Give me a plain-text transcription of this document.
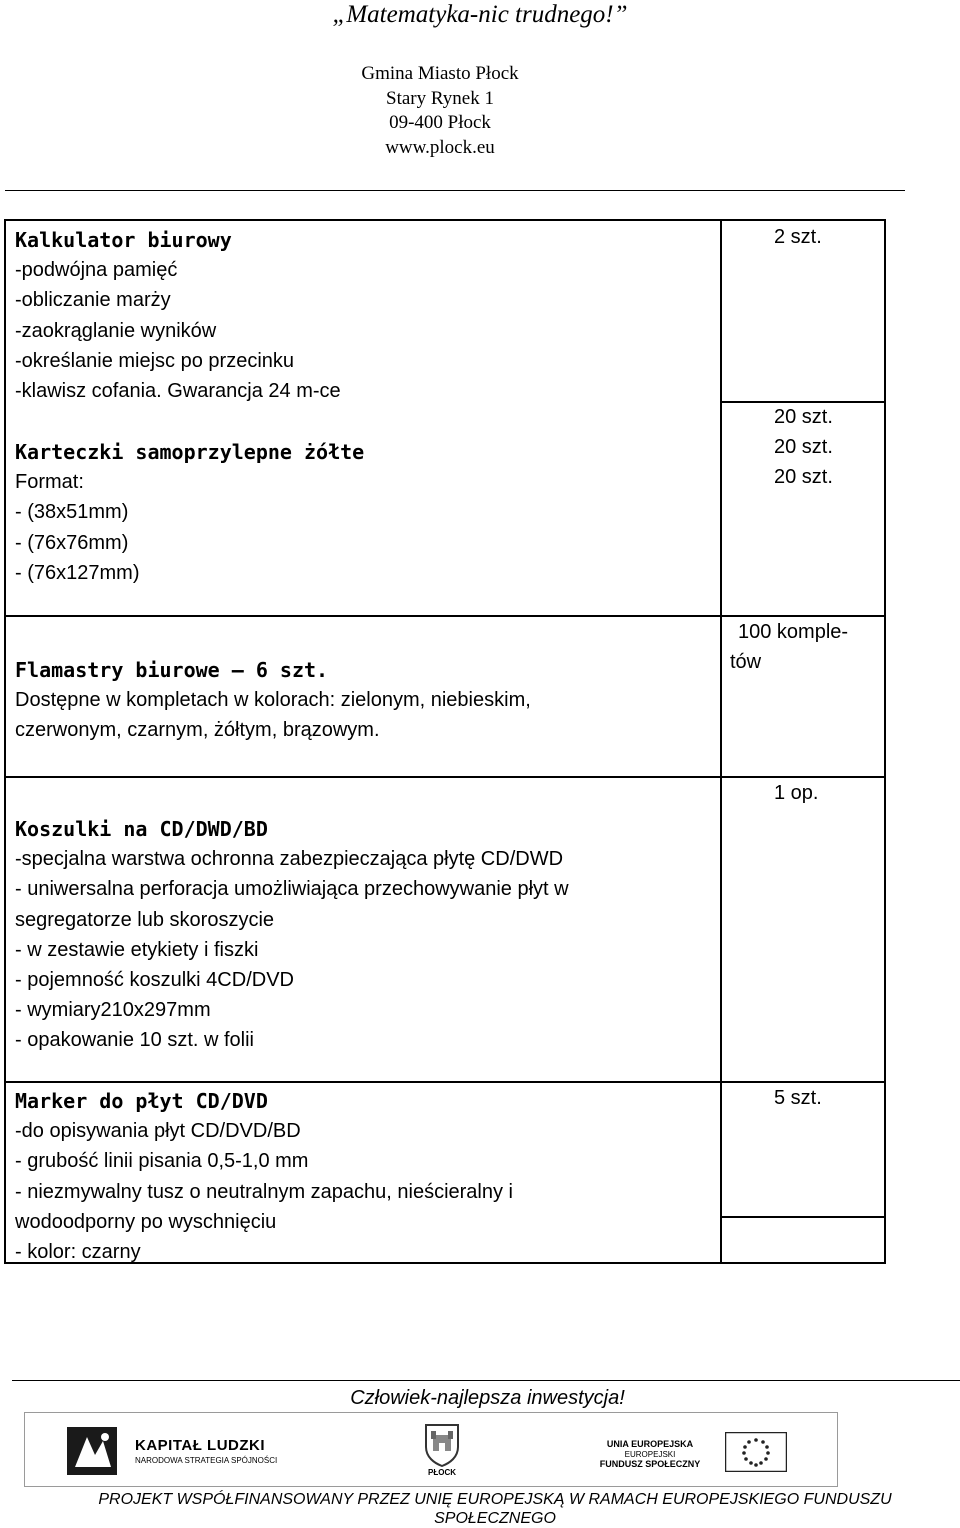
„Matematyka-nic trudnego!”
Gmina Miasto Płock
Stary Rynek 1
09-400 Płock
www.plock.eu
Kalkulator biurowy
-podwójna pamięć
-obliczanie marży
-zaokrąglanie wyników
-określanie miejsc po przecinku
-klawisz cofania. Gwarancja 24 m-ce
Karteczki samoprzylepne żółte
Format:
- (38x51mm)
- (76x76mm)
- (76x127mm)
Flamastry biurowe – 6 szt.
Dostępne w kompletach w kolorach: zielonym, niebieskim,
czerwonym, czarnym, żółtym, brązowym.
Koszulki na CD/DWD/BD
-specjalna warstwa ochronna zabezpieczająca płytę CD/DWD
- uniwersalna perforacja umożliwiająca przechowywanie płyt w
segregatorze lub skoroszycie
- w zestawie etykiety i fiszki
- pojemność koszulki 4CD/DVD
- wymiary210x297mm
- opakowanie 10 szt. w folii
Marker do płyt CD/DVD
-do opisywania płyt CD/DVD/BD
- grubość linii pisania 0,5-1,0 mm
- niezmywalny tusz o neutralnym zapachu, nieścieralny i
wodoodporny po wyschnięciu
- kolor: czarny
2 szt.
20 szt.
20 szt.
20 szt.
100 komple-
tów
1 op.
5 szt.
Człowiek-najlepsza inwestycja!
KAPITAŁ LUDZKI
NARODOWA STRATEGIA SPÓJNOŚCI
PŁOCK
UNIA EUROPEJSKA
EUROPEJSKI
FUNDUSZ SPOŁECZNY
PROJEKT WSPÓŁFINANSOWANY PRZEZ UNIĘ EUROPEJSKĄ W RAMACH EUROPEJSKIEGO FUNDUSZU
SPOŁECZNEGO
